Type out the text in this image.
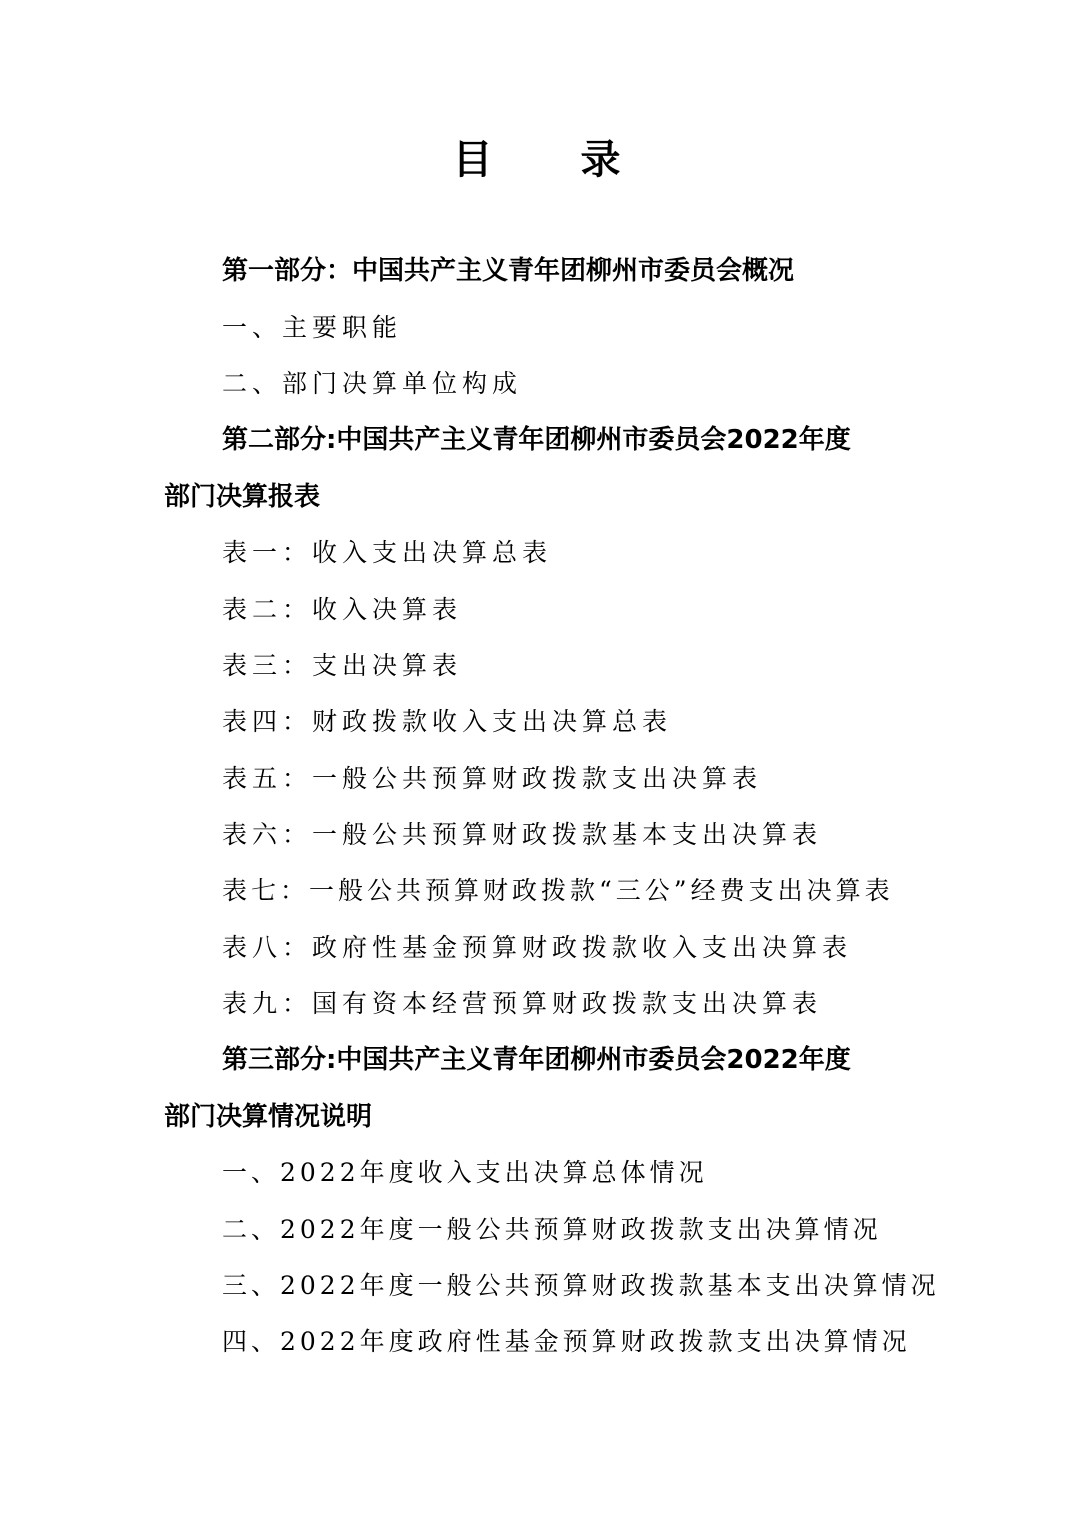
目 录
第一部分：中国共产主义青年团柳州市委员会概况
一、主要职能
二、部门决算单位构成
第二部分:中国共产主义青年团柳州市委员会2022年度
部门决算报表
表一：收入支出决算总表
表二：收入决算表
表三：支出决算表
表四：财政拨款收入支出决算总表
表五：一般公共预算财政拨款支出决算表
表六：一般公共预算财政拨款基本支出决算表
表七：一般公共预算财政拨款“三公”经费支出决算表
表八：政府性基金预算财政拨款收入支出决算表
表九：国有资本经营预算财政拨款支出决算表
第三部分:中国共产主义青年团柳州市委员会2022年度
部门决算情况说明
一、2022年度收入支出决算总体情况
二、2022年度一般公共预算财政拨款支出决算情况
三、2022年度一般公共预算财政拨款基本支出决算情况
四、2022年度政府性基金预算财政拨款支出决算情况
